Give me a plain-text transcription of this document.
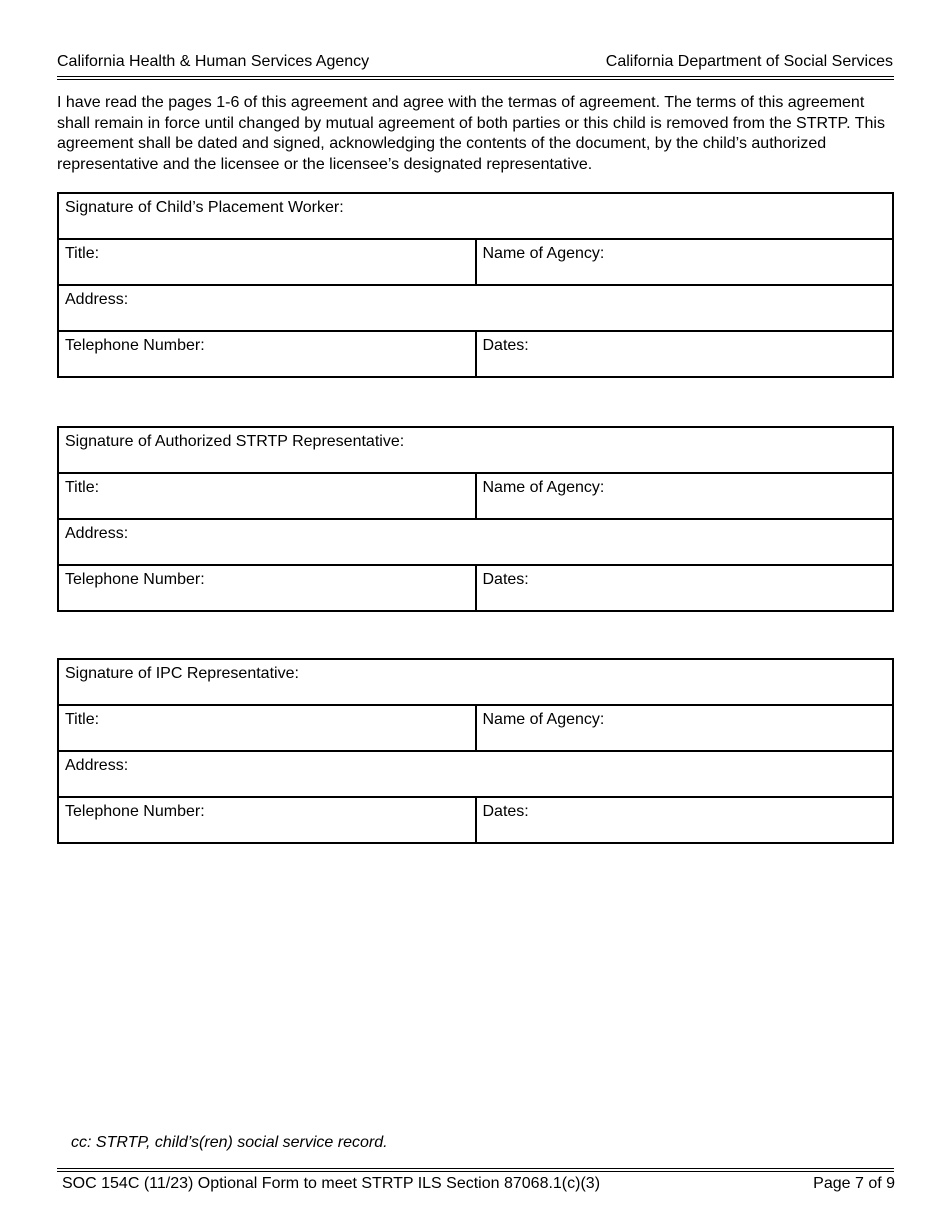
California Health & Human Services Agency	California Department of Social Services

I have read the pages 1-6 of this agreement and agree with the termas of agreement. The terms of this agreement shall remain in force until changed by mutual agreement of both parties or this child is removed from the STRTP. This agreement shall be dated and signed, acknowledging the contents of the document, by the child’s authorized representative and the licensee or the licensee’s designated representative.

Signature of Child’s Placement Worker:	
Title:	Name of Agency:
Address:	
Telephone Number:	Dates:
Signature of Authorized STRTP Representative:	
Title:	Name of Agency:
Address:	
Telephone Number:	Dates:
Signature of IPC Representative:	
Title:	Name of Agency:
Address:	
Telephone Number:	Dates:
cc: STRTP, child’s(ren) social service record.
SOC 154C (11/23) Optional Form to meet STRTP ILS Section 87068.1(c)(3)	Page 7 of 9
